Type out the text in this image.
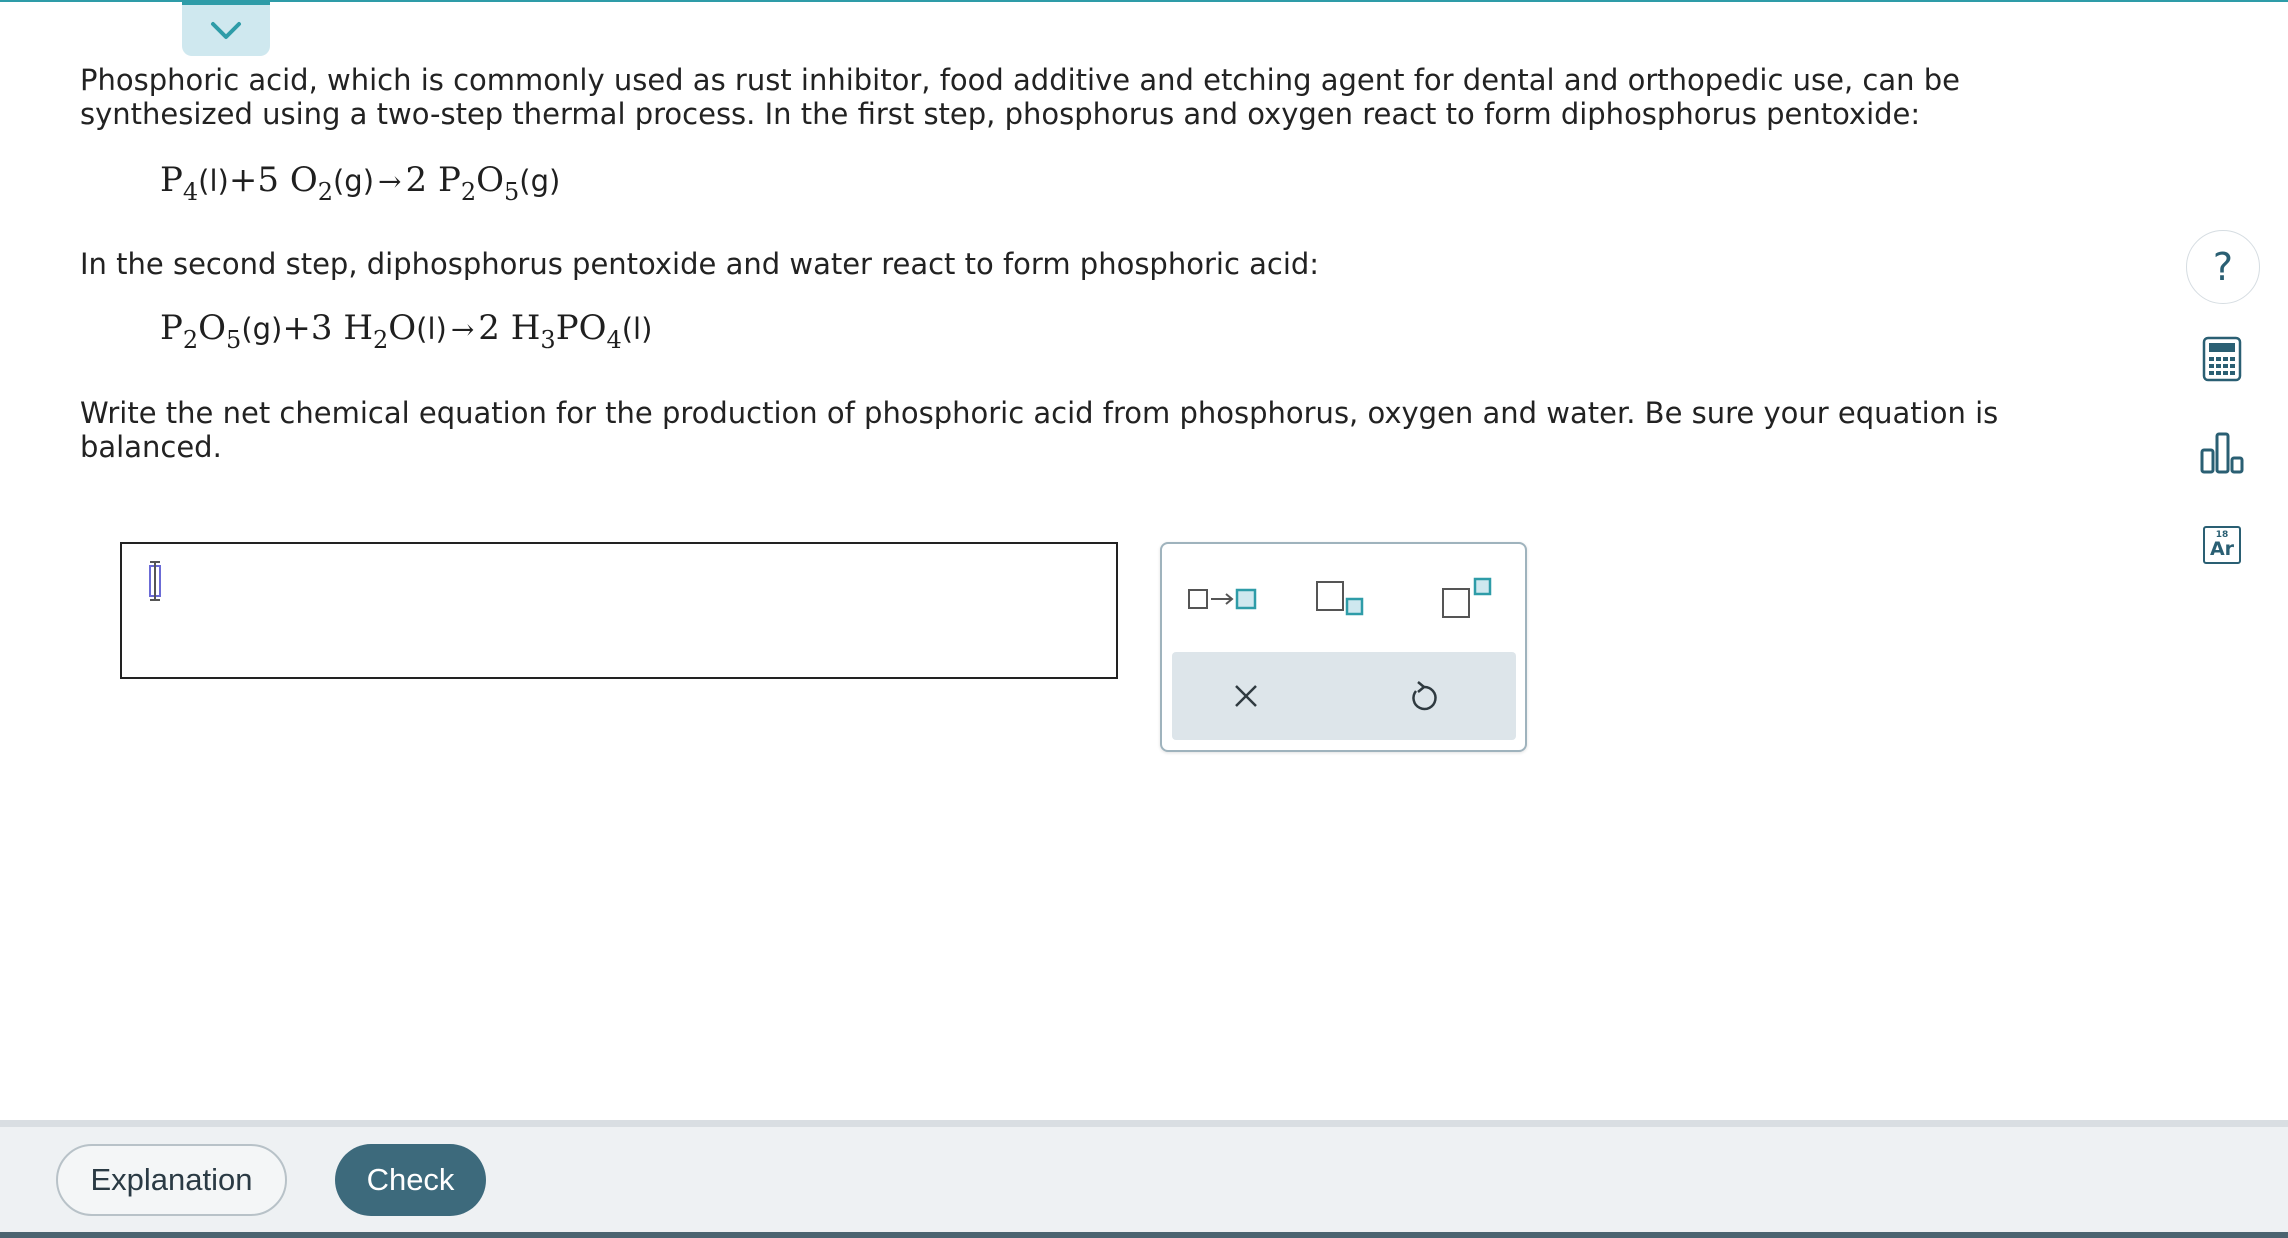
Phosphoric acid, which is commonly used as rust inhibitor, food additive and etching agent for dental and orthopedic use, can be synthesized using a two-step thermal process. In the first step, phosphorus and oxygen react to form diphosphorus pentoxide:

$P_4(l)+5$ $O_2(g) \to 2$ $P_2O_5(g)$

In the second step, diphosphorus pentoxide and water react to form phosphoric acid:

$P_2O_5(g)+3$ $H_2O(l) \to 2$ $H_3PO_4(l)$

Write the net chemical equation for the production of phosphoric acid from phosphorus, oxygen and water. Be sure your equation is balanced.

?
18
Ar
Explanation	Check
